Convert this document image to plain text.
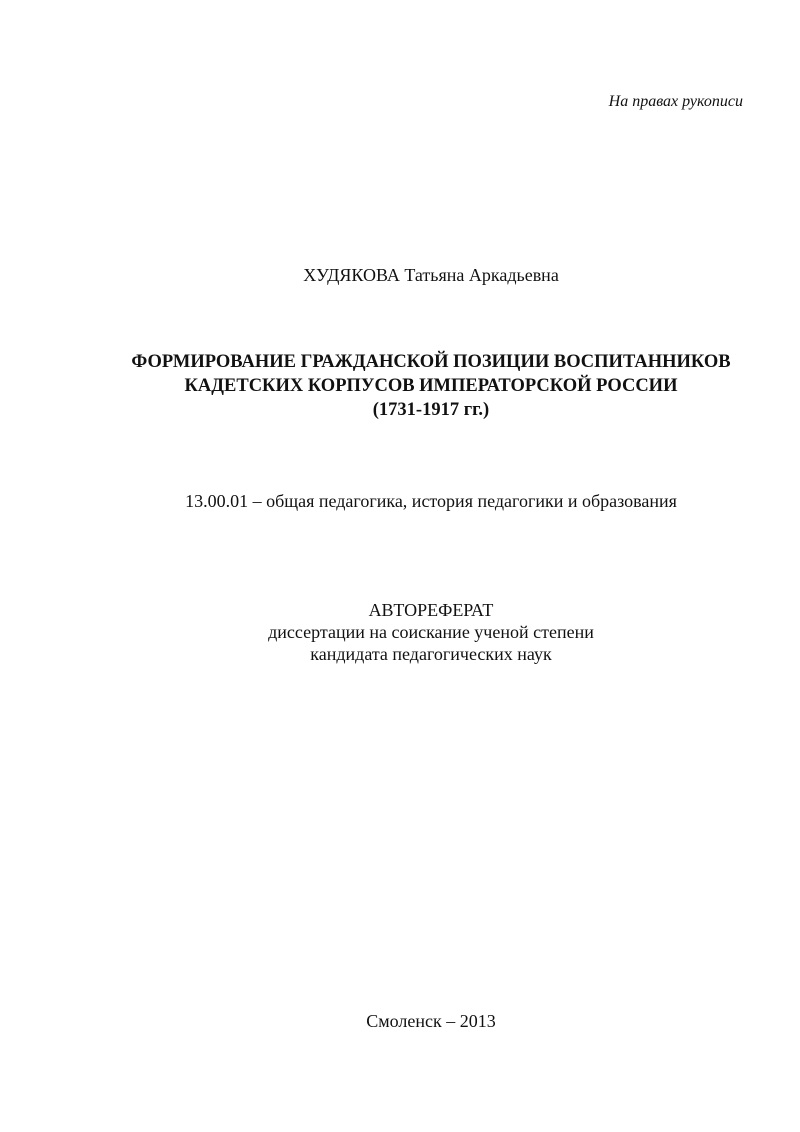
На правах рукописи
ХУДЯКОВА Татьяна Аркадьевна
ФОРМИРОВАНИЕ ГРАЖДАНСКОЙ ПОЗИЦИИ ВОСПИТАННИКОВ
КАДЕТСКИХ КОРПУСОВ ИМПЕРАТОРСКОЙ РОССИИ
(1731-1917 гг.)
13.00.01 – общая педагогика, история педагогики и образования
АВТОРЕФЕРАТ
диссертации на соискание ученой степени
кандидата педагогических наук
Смоленск – 2013
